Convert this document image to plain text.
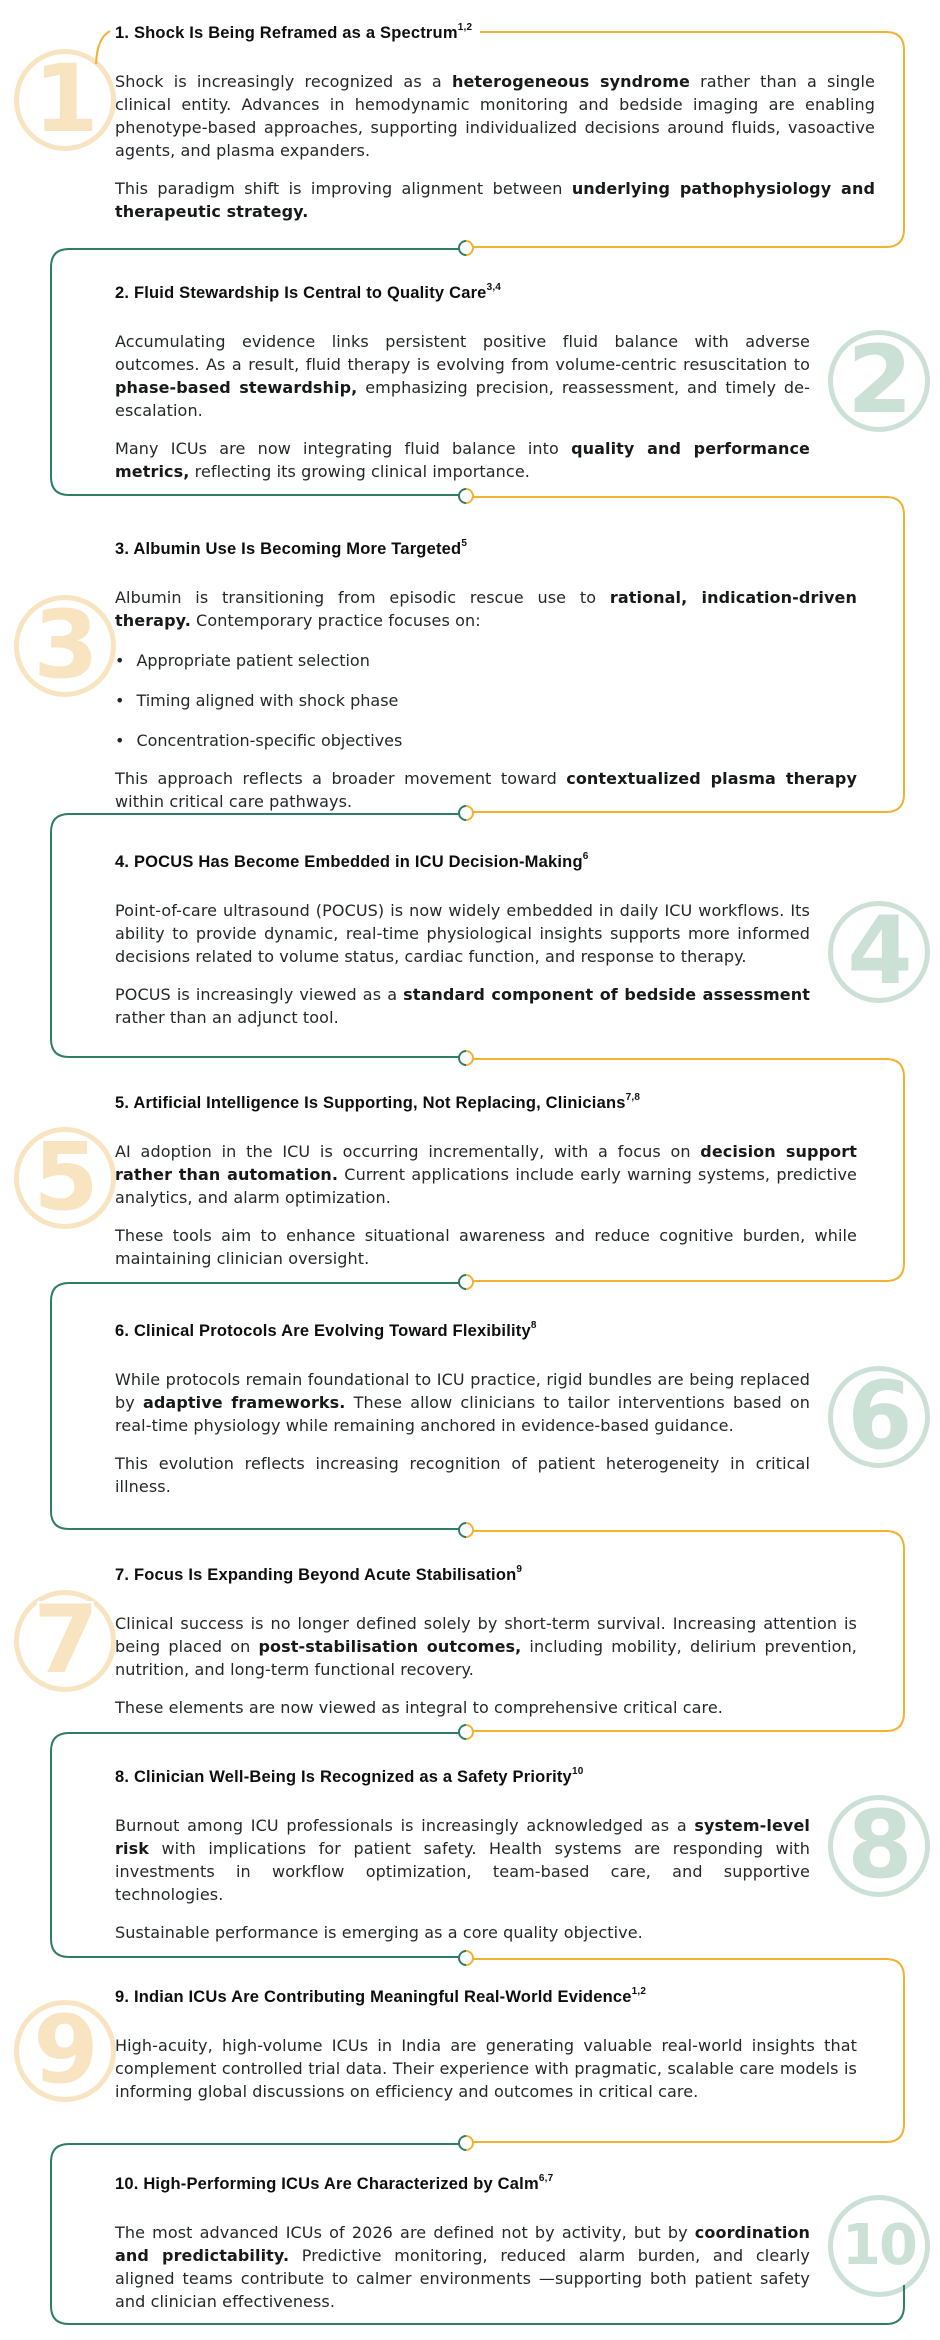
1
1. Shock Is Being Reframed as a Spectrum$^{1,2}$

Shock is increasingly recognized as a heterogeneous syndrome rather than a single clinical entity. Advances in hemodynamic monitoring and bedside imaging are enabling phenotype-based approaches, supporting individualized decisions around fluids, vasoactive agents, and plasma expanders.

This paradigm shift is improving alignment between underlying pathophysiology and therapeutic strategy.

2
2. Fluid Stewardship Is Central to Quality Care$^{3,4}$

Accumulating evidence links persistent positive fluid balance with adverse outcomes. As a result, fluid therapy is evolving from volume-centric resuscitation to phase-based stewardship, emphasizing precision, reassessment, and timely de-escalation.

Many ICUs are now integrating fluid balance into quality and performance metrics, reflecting its growing clinical importance.

3
3. Albumin Use Is Becoming More Targeted$^5$

Albumin is transitioning from episodic rescue use to rational, indication-driven therapy. Contemporary practice focuses on:

• Appropriate patient selection
• Timing aligned with shock phase
• Concentration-specific objectives

This approach reflects a broader movement toward contextualized plasma therapy within critical care pathways.

4
4. POCUS Has Become Embedded in ICU Decision-Making$^6$

Point-of-care ultrasound (POCUS) is now widely embedded in daily ICU workflows. Its ability to provide dynamic, real-time physiological insights supports more informed decisions related to volume status, cardiac function, and response to therapy.

POCUS is increasingly viewed as a standard component of bedside assessment rather than an adjunct tool.

5
5. Artificial Intelligence Is Supporting, Not Replacing, Clinicians$^{7,8}$

AI adoption in the ICU is occurring incrementally, with a focus on decision support rather than automation. Current applications include early warning systems, predictive analytics, and alarm optimization.

These tools aim to enhance situational awareness and reduce cognitive burden, while maintaining clinician oversight.

6
6. Clinical Protocols Are Evolving Toward Flexibility$^8$

While protocols remain foundational to ICU practice, rigid bundles are being replaced by adaptive frameworks. These allow clinicians to tailor interventions based on real-time physiology while remaining anchored in evidence-based guidance.

This evolution reflects increasing recognition of patient heterogeneity in critical illness.

7
7. Focus Is Expanding Beyond Acute Stabilisation$^9$

Clinical success is no longer defined solely by short-term survival. Increasing attention is being placed on post-stabilisation outcomes, including mobility, delirium prevention, nutrition, and long-term functional recovery.

These elements are now viewed as integral to comprehensive critical care.

8
8. Clinician Well-Being Is Recognized as a Safety Priority$^{10}$

Burnout among ICU professionals is increasingly acknowledged as a system-level risk with implications for patient safety. Health systems are responding with investments in workflow optimization, team-based care, and supportive technologies.

Sustainable performance is emerging as a core quality objective.

9 9. Indian ICUs Are Contributing Meaningful Real-World Evidence$^{1,2}$

High-acuity, high-volume ICUs in India are generating valuable real-world insights that complement controlled trial data. Their experience with pragmatic, scalable care models is informing global discussions on efficiency and outcomes in critical care.

10
10. High-Performing ICUs Are Characterized by Calm$^{6,7}$

The most advanced ICUs of 2026 are defined not by activity, but by coordination and predictability. Predictive monitoring, reduced alarm burden, and clearly aligned teams contribute to calmer environments —supporting both patient safety and clinician effectiveness.
